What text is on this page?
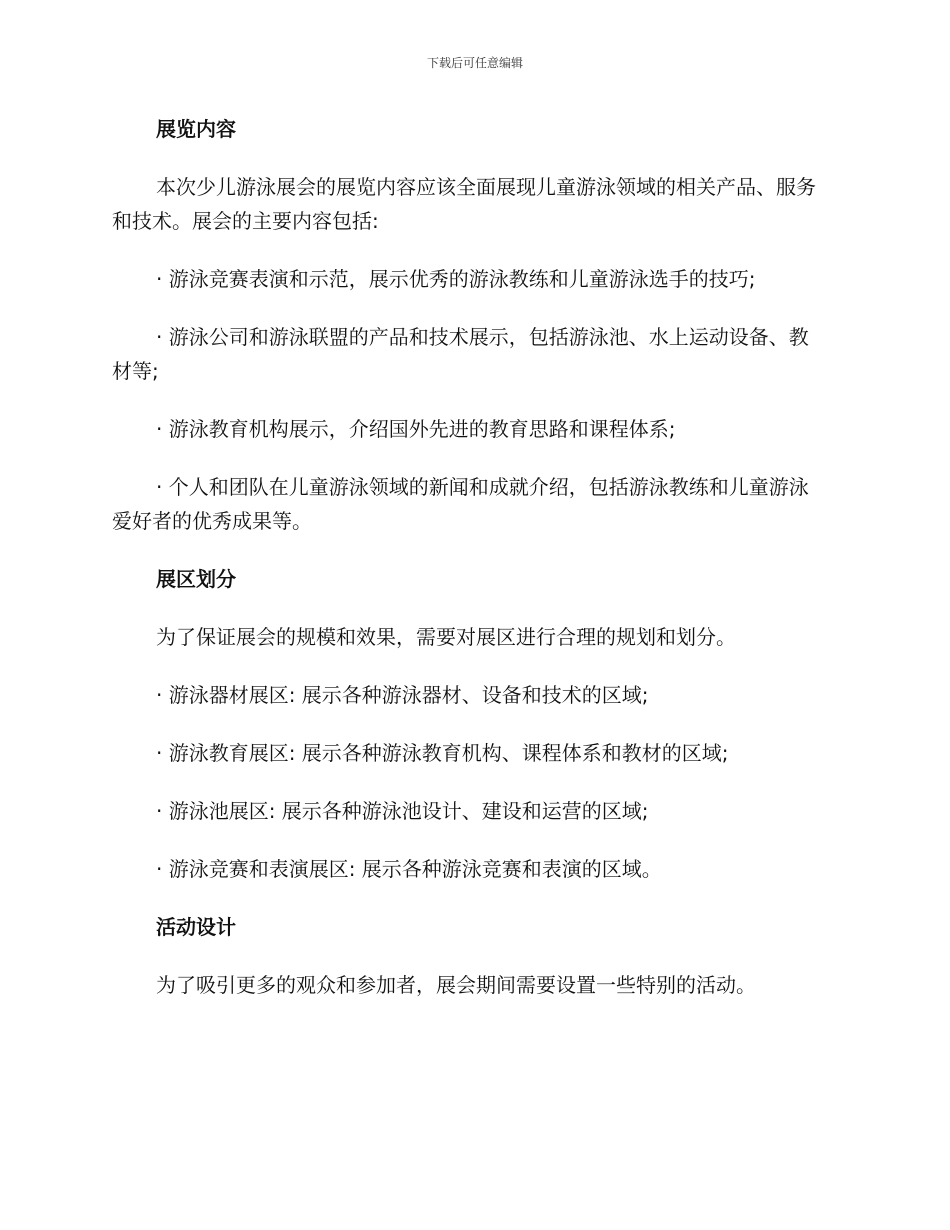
下载后可任意编辑
展览内容
本次少儿游泳展会的展览内容应该全面展现儿童游泳领域的相关产品、服务和技术。展会的主要内容包括:
· 游泳竞赛表演和示范，展示优秀的游泳教练和儿童游泳选手的技巧;
· 游泳公司和游泳联盟的产品和技术展示，包括游泳池、水上运动设备、教材等;
· 游泳教育机构展示，介绍国外先进的教育思路和课程体系;
· 个人和团队在儿童游泳领域的新闻和成就介绍，包括游泳教练和儿童游泳爱好者的优秀成果等。
展区划分
为了保证展会的规模和效果，需要对展区进行合理的规划和划分。
· 游泳器材展区: 展示各种游泳器材、设备和技术的区域;
· 游泳教育展区: 展示各种游泳教育机构、课程体系和教材的区域;
· 游泳池展区: 展示各种游泳池设计、建设和运营的区域;
· 游泳竞赛和表演展区: 展示各种游泳竞赛和表演的区域。
活动设计
为了吸引更多的观众和参加者，展会期间需要设置一些特别的活动。
